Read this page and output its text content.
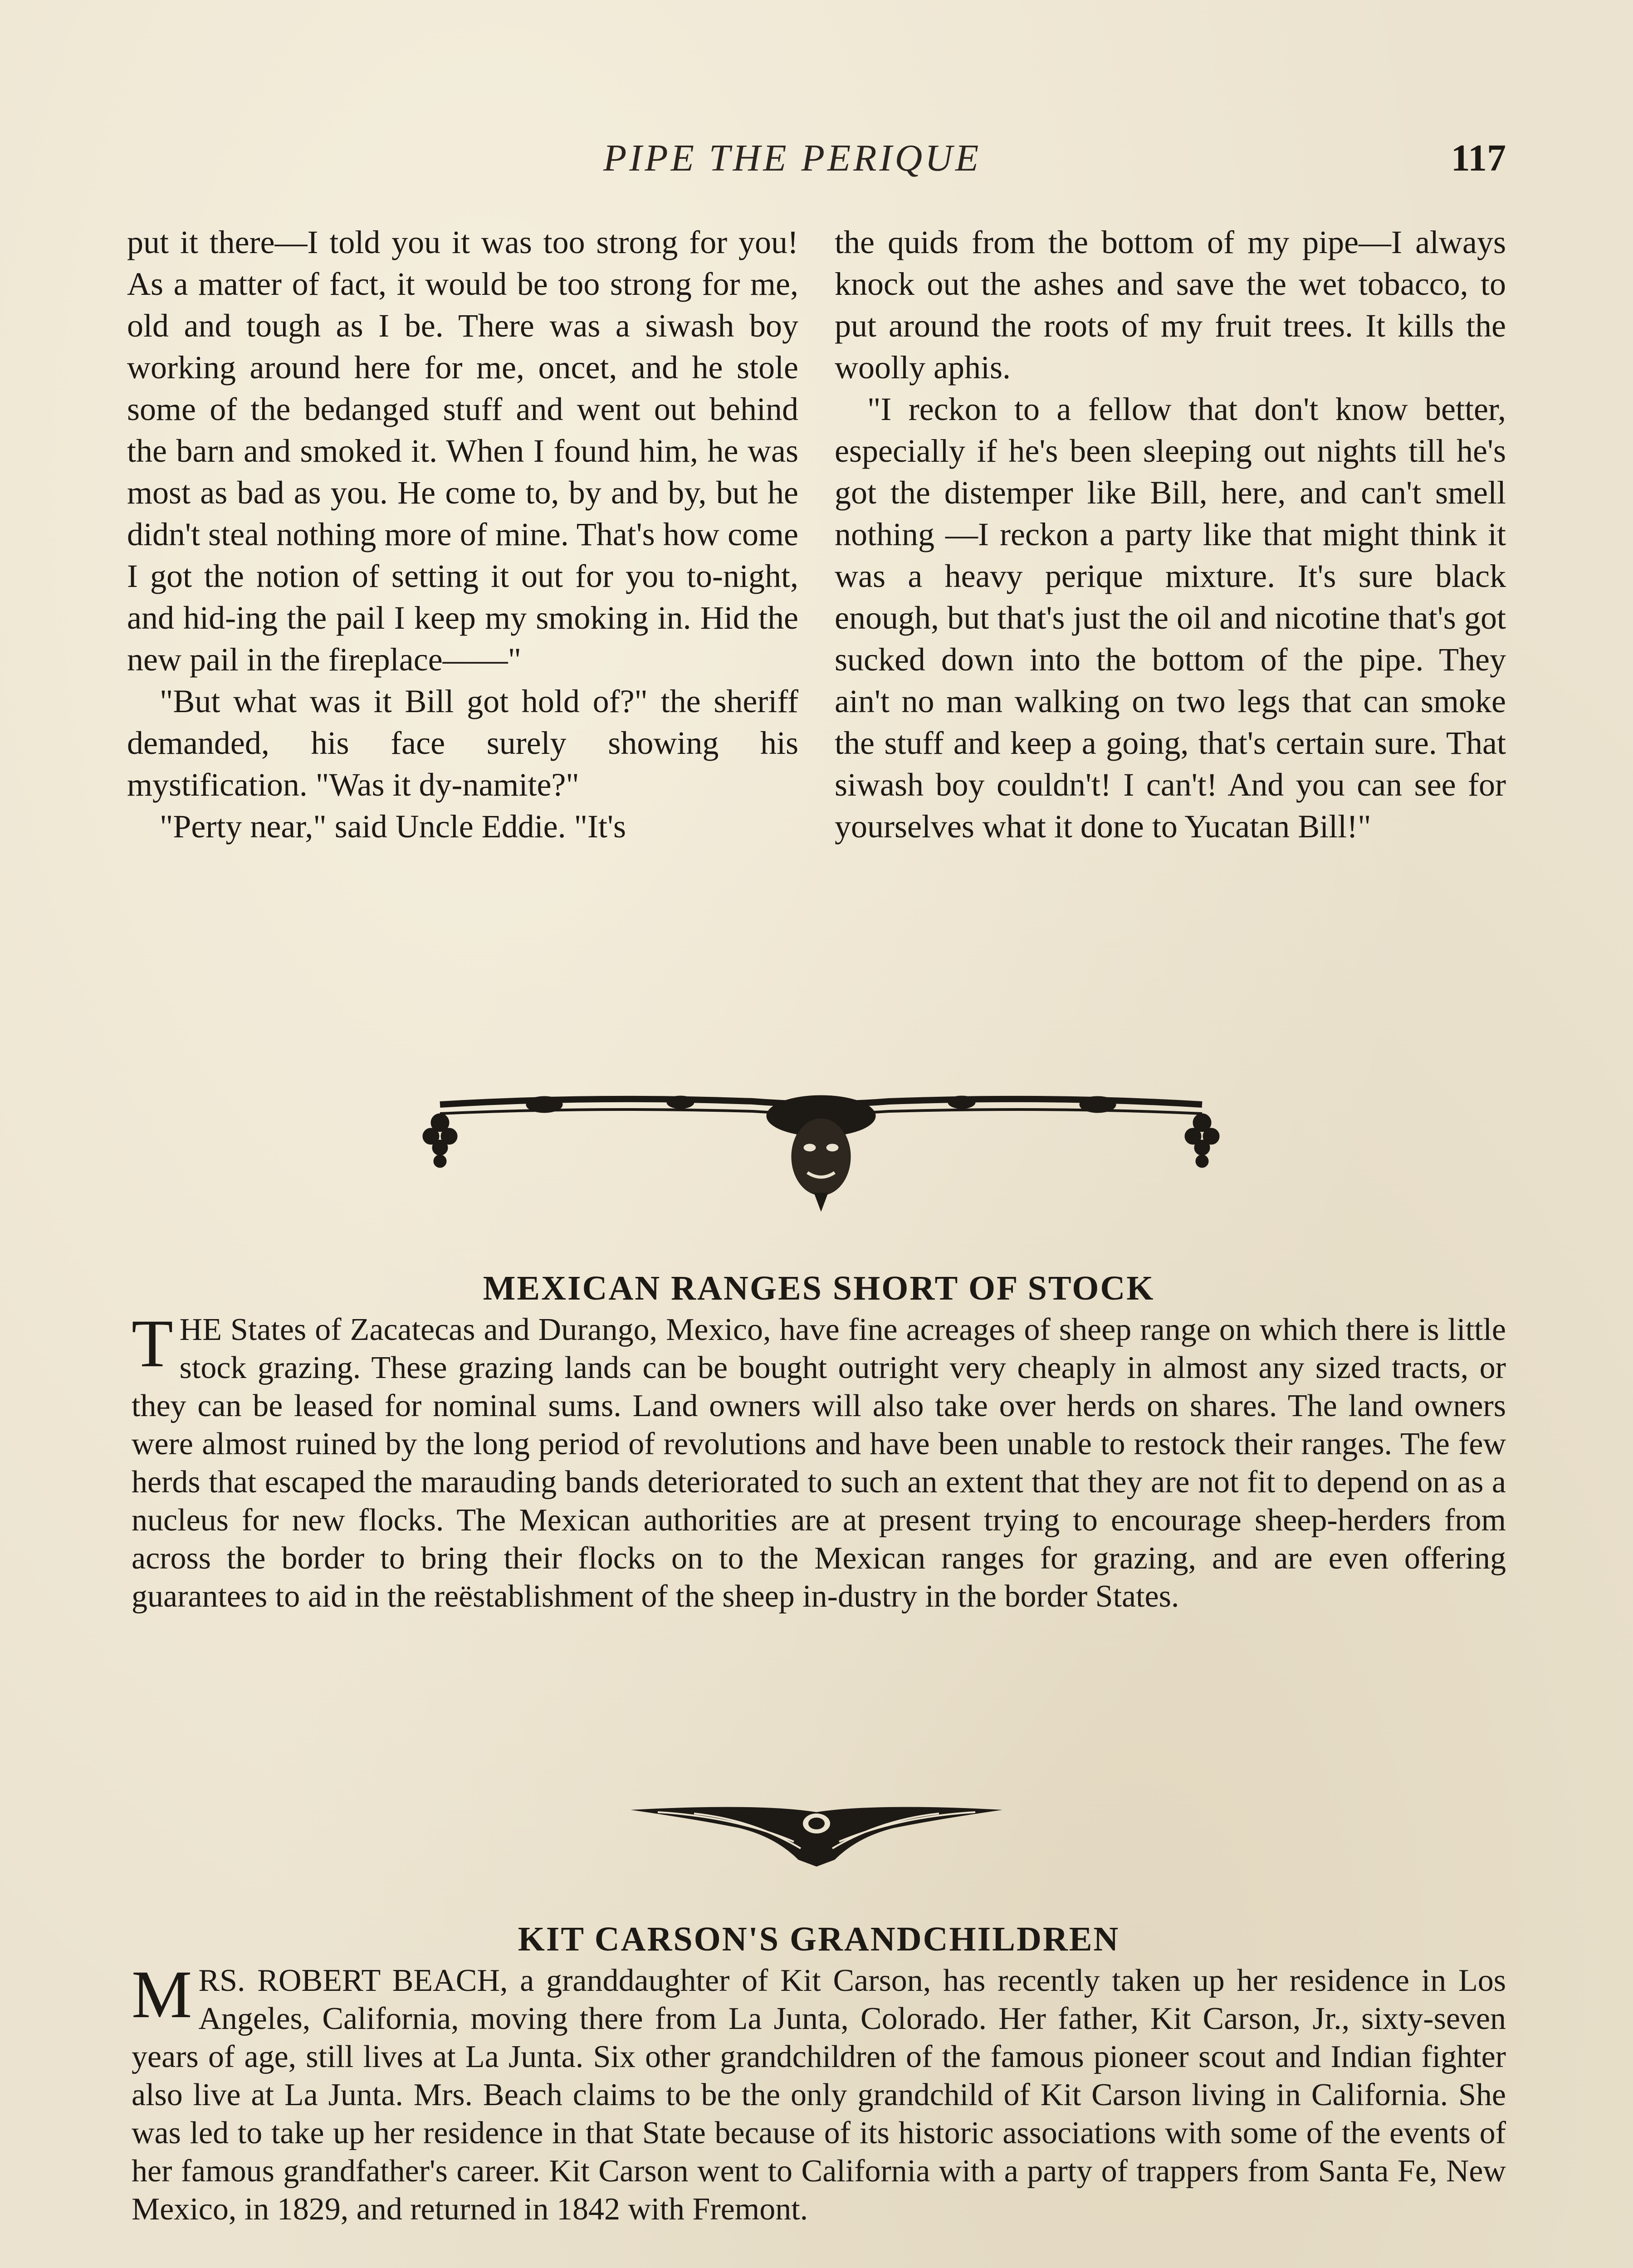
PIPE THE PERIQUE	117

put it there—I told you it was too strong for you! As a matter of fact, it would be too strong for me, old and tough as I be. There was a siwash boy working around here for me, oncet, and he stole some of the bedanged stuff and went out behind the barn and smoked it. When I found him, he was most as bad as you. He come to, by and by, but he didn't steal nothing more of mine. That's how come I got the notion of setting it out for you to-night, and hid-ing the pail I keep my smoking in. Hid the new pail in the fireplace——"

"But what was it Bill got hold of?" the sheriff demanded, his face surely showing his mystification. "Was it dy-namite?"

"Perty near," said Uncle Eddie. "It's

the quids from the bottom of my pipe—I always knock out the ashes and save the wet tobacco, to put around the roots of my fruit trees. It kills the woolly aphis.

"I reckon to a fellow that don't know better, especially if he's been sleeping out nights till he's got the distemper like Bill, here, and can't smell nothing —I reckon a party like that might think it was a heavy perique mixture. It's sure black enough, but that's just the oil and nicotine that's got sucked down into the bottom of the pipe. They ain't no man walking on two legs that can smoke the stuff and keep a going, that's certain sure. That siwash boy couldn't! I can't! And you can see for yourselves what it done to Yucatan Bill!"

MEXICAN RANGES SHORT OF STOCK

THE States of Zacatecas and Durango, Mexico, have fine acreages of sheep range on which there is little stock grazing. These grazing lands can be bought outright very cheaply in almost any sized tracts, or they can be leased for nominal sums. Land owners will also take over herds on shares. The land owners were almost ruined by the long period of revolutions and have been unable to restock their ranges. The few herds that escaped the marauding bands deteriorated to such an extent that they are not fit to depend on as a nucleus for new flocks. The Mexican authorities are at present trying to encourage sheep-herders from across the border to bring their flocks on to the Mexican ranges for grazing, and are even offering guarantees to aid in the reëstablishment of the sheep in-dustry in the border States.

KIT CARSON'S GRANDCHILDREN

MRS. ROBERT BEACH, a granddaughter of Kit Carson, has recently taken up her residence in Los Angeles, California, moving there from La Junta, Colorado. Her father, Kit Carson, Jr., sixty-seven years of age, still lives at La Junta. Six other grandchildren of the famous pioneer scout and Indian fighter also live at La Junta. Mrs. Beach claims to be the only grandchild of Kit Carson living in California. She was led to take up her residence in that State because of its historic associations with some of the events of her famous grandfather's career. Kit Carson went to California with a party of trappers from Santa Fe, New Mexico, in 1829, and returned in 1842 with Fremont.
